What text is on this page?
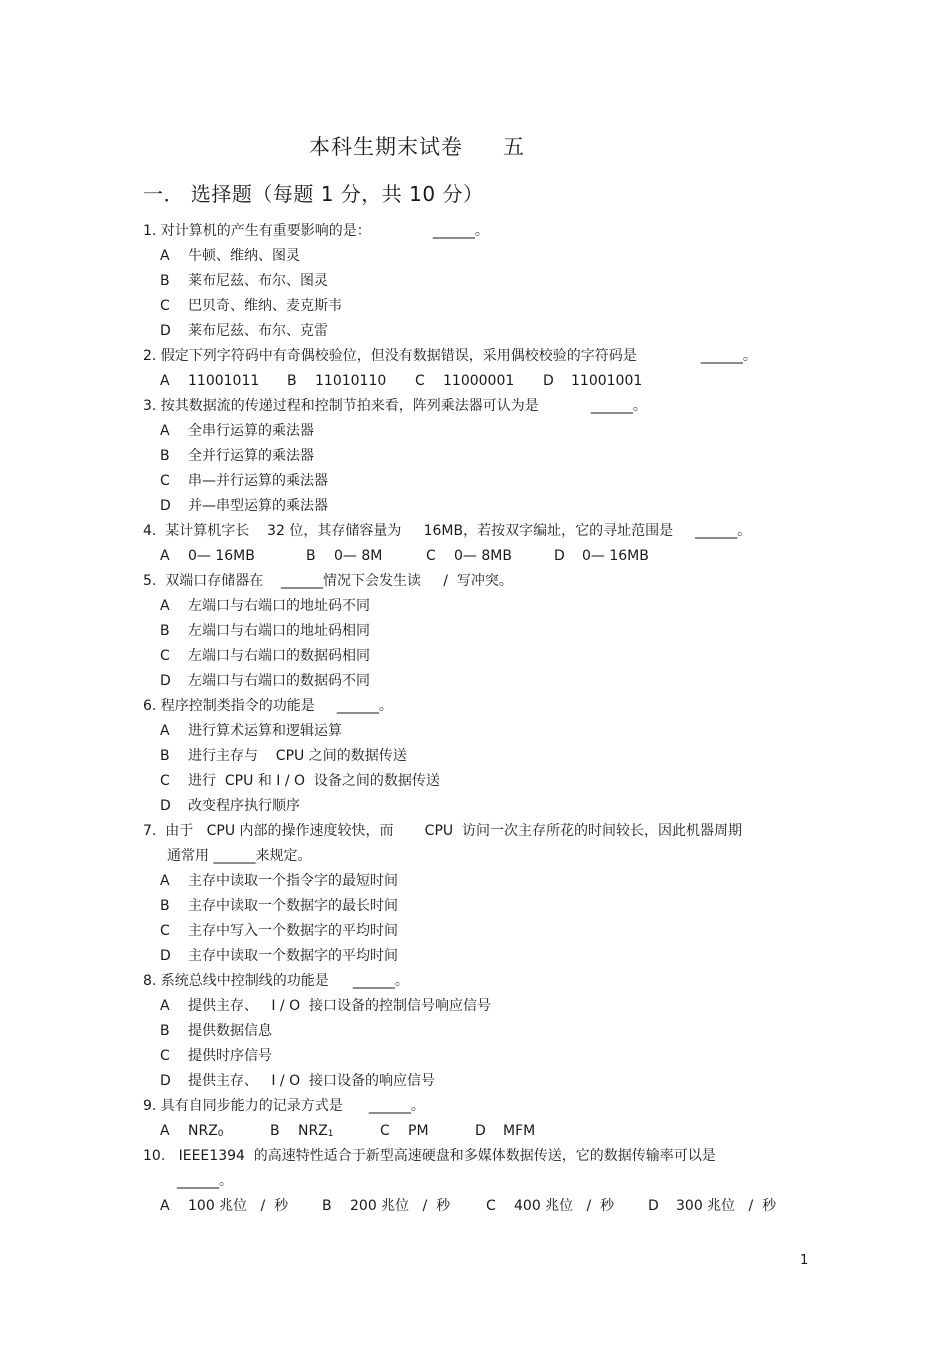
本科生期末试卷 五
一． 选择题（每题 1 分，共 10 分）
1. 对计算机的产生有重要影响的是：	______。
A 牛顿、维纳、图灵
B 莱布尼兹、布尔、图灵
C 巴贝奇、维纳、麦克斯韦
D 莱布尼兹、布尔、克雷
2. 假定下列字符码中有奇偶校验位，但没有数据错误，采用偶校校验的字符码是	______。
A 11001011 B 11010110 C 11000001 D 11001001
3. 按其数据流的传递过程和控制节拍来看，阵列乘法器可认为是	______。
A 全串行运算的乘法器
B 全并行运算的乘法器
C 串—并行运算的乘法器
D 并—串型运算的乘法器
4.  某计算机字长    32 位，其存储容量为     16MB，若按双字编址，它的寻址范围是 ______。
A 0— 16MB	B 0— 8M	C 0— 8MB	D 0— 16MB
5.  双端口存储器在    ______情况下会发生读     /  写冲突。
A 左端口与右端口的地址码不同
B 左端口与右端口的地址码相同
C 左端口与右端口的数据码相同
D 左端口与右端口的数据码不同
6. 程序控制类指令的功能是 ______。
A 进行算术运算和逻辑运算
B 进行主存与    CPU 之间的数据传送
C 进行  CPU 和 I / O  设备之间的数据传送
D 改变程序执行顺序
7.  由于   CPU 内部的操作速度较快，而       CPU  访问一次主存所花的时间较长，因此机器周期
通常用 ______来规定。
A 主存中读取一个指令字的最短时间
B 主存中读取一个数据字的最长时间
C 主存中写入一个数据字的平均时间
D 主存中读取一个数据字的平均时间
8. 系统总线中控制线的功能是 ______。
A 提供主存、   I / O  接口设备的控制信号响应信号
B 提供数据信息
C 提供时序信号
D 提供主存、   I / O  接口设备的响应信号
9. 具有自同步能力的记录方式是 ______。
A NRZ0	B NRZ1	C PM	D MFM
10.   IEEE1394  的高速特性适合于新型高速硬盘和多媒体数据传送，它的数据传输率可以是
______。
A 100 兆位   /  秒 B 200 兆位   /  秒	C 400 兆位   /  秒 D 300 兆位   /  秒
1
